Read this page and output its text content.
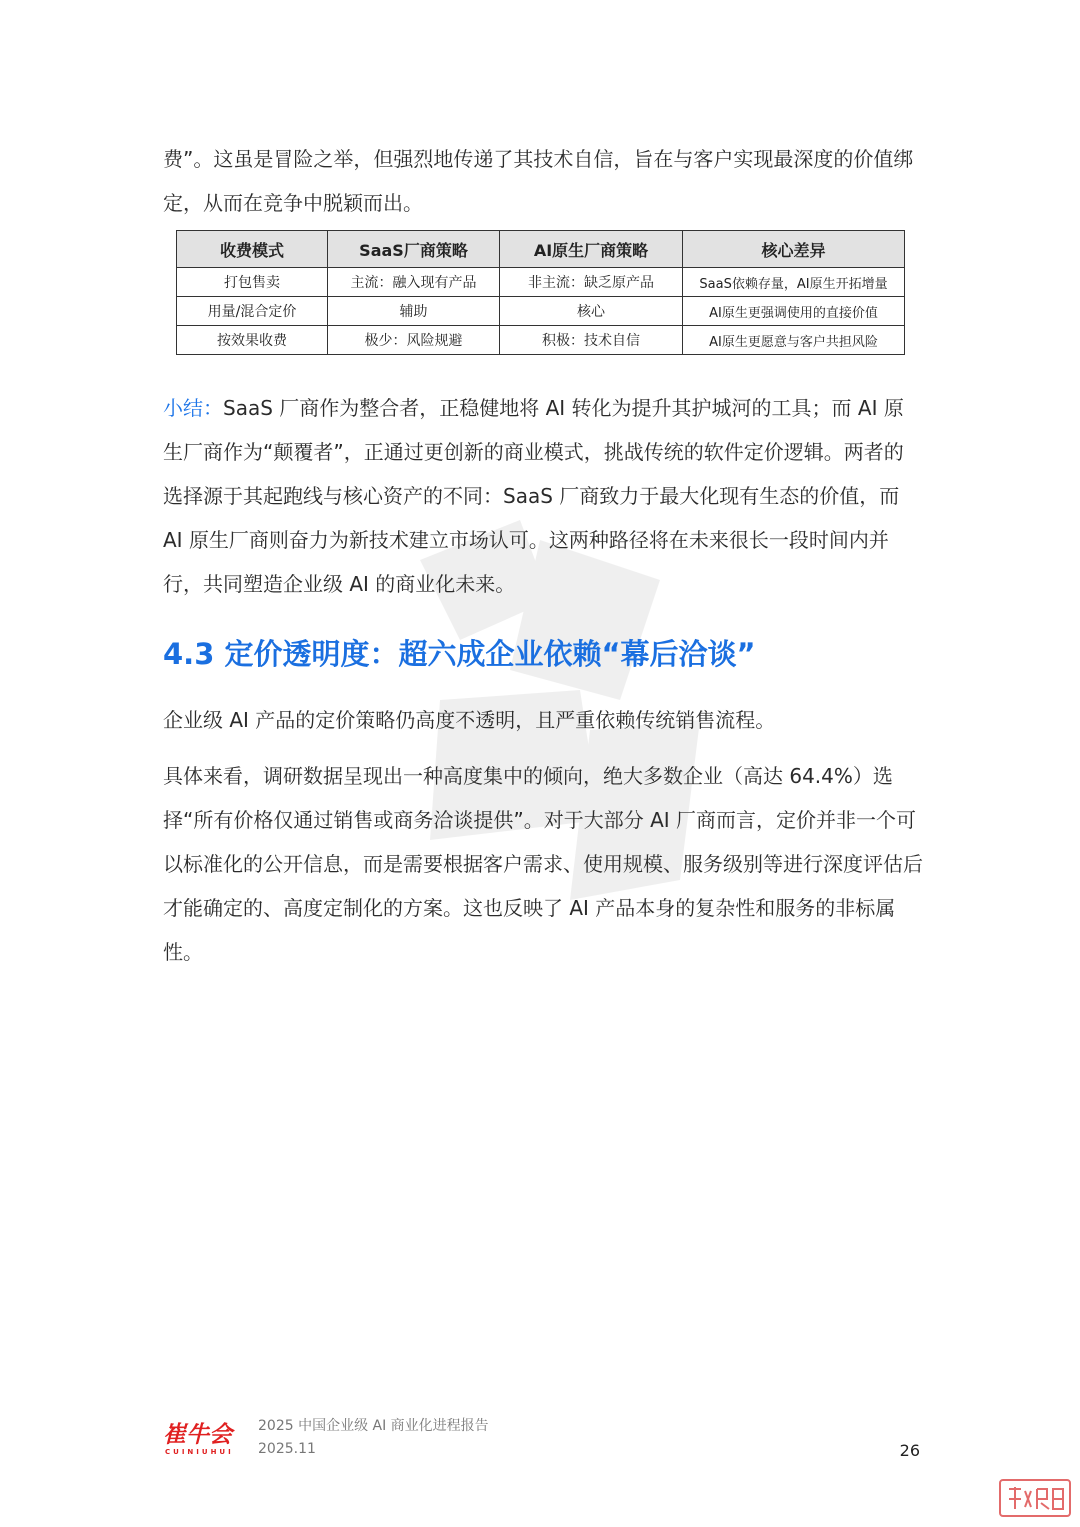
费”。这虽是冒险之举，但强烈地传递了其技术自信，旨在与客户实现最深度的价值绑定，从而在竞争中脱颖而出。
收费模式	SaaS厂商策略	AI原生厂商策略	核心差异
打包售卖	主流：融入现有产品	非主流：缺乏原产品	SaaS依赖存量，AI原生开拓增量
用量/混合定价	辅助	核心	AI原生更强调使用的直接价值
按效果收费	极少：风险规避	积极：技术自信	AI原生更愿意与客户共担风险
小结：SaaS 厂商作为整合者，正稳健地将 AI 转化为提升其护城河的工具；而 AI 原生厂商作为“颠覆者”，正通过更创新的商业模式，挑战传统的软件定价逻辑。两者的选择源于其起跑线与核心资产的不同：SaaS 厂商致力于最大化现有生态的价值，而 AI 原生厂商则奋力为新技术建立市场认可。这两种路径将在未来很长一段时间内并行，共同塑造企业级 AI 的商业化未来。
4.3 定价透明度：超六成企业依赖“幕后洽谈”
企业级 AI 产品的定价策略仍高度不透明，且严重依赖传统销售流程。
具体来看，调研数据呈现出一种高度集中的倾向，绝大多数企业（高达 64.4%）选择“所有价格仅通过销售或商务洽谈提供”。对于大部分 AI 厂商而言，定价并非一个可以标准化的公开信息，而是需要根据客户需求、使用规模、服务级别等进行深度评估后才能确定的、高度定制化的方案。这也反映了 AI 产品本身的复杂性和服务的非标属性。
崔牛会
CUINIUHUI
2025 中国企业级 AI 商业化进程报告
2025.11	26
